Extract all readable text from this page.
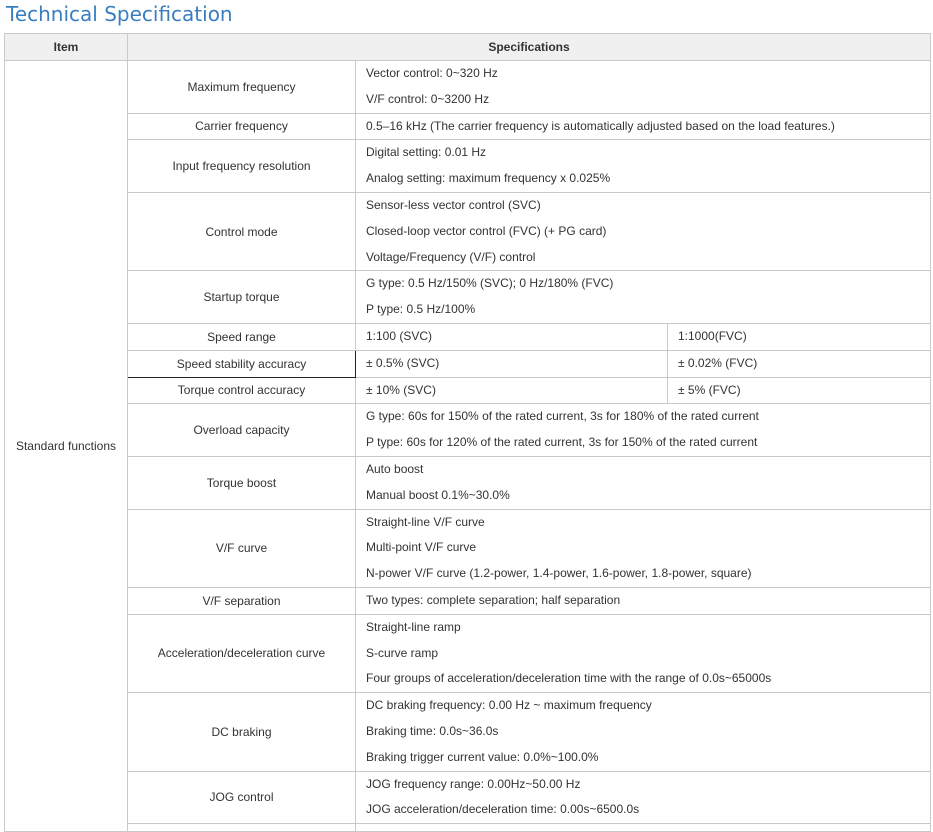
Technical Specification
Item	Specifications		
Standard functions	Maximum frequency	Vector control: 0~320 Hz
V/F control: 0~3200 Hz	

	Carrier frequency	0.5–16 kHz (The carrier frequency is automatically adjusted based on the load features.)	

	Input frequency resolution	Digital setting: 0.01 Hz
Analog setting: maximum frequency x 0.025%	

	Control mode	Sensor-less vector control (SVC)
Closed-loop vector control (FVC) (+ PG card)
Voltage/Frequency (V/F) control	

	Startup torque	G type: 0.5 Hz/150% (SVC); 0 Hz/180% (FVC)
P type: 0.5 Hz/100%	

	Speed range	1:100 (SVC)	1:1000(FVC)

	Speed stability accuracy	± 0.5% (SVC)	± 0.02% (FVC)

	Torque control accuracy	± 10% (SVC)	± 5% (FVC)

	Overload capacity	G type: 60s for 150% of the rated current, 3s for 180% of the rated current
P type: 60s for 120% of the rated current, 3s for 150% of the rated current	

	Torque boost	Auto boost
Manual boost 0.1%~30.0%	

	V/F curve	Straight-line V/F curve
Multi-point V/F curve
N-power V/F curve (1.2-power, 1.4-power, 1.6-power, 1.8-power, square)	

	V/F separation	Two types: complete separation; half separation	

	Acceleration/deceleration curve	Straight-line ramp
S-curve ramp
Four groups of acceleration/deceleration time with the range of 0.0s~65000s	

	DC braking	DC braking frequency: 0.00 Hz ~ maximum frequency
Braking time: 0.0s~36.0s
Braking trigger current value: 0.0%~100.0%	

	JOG control	JOG frequency range: 0.00Hz~50.00 Hz
JOG acceleration/deceleration time: 0.00s~6500.0s	
